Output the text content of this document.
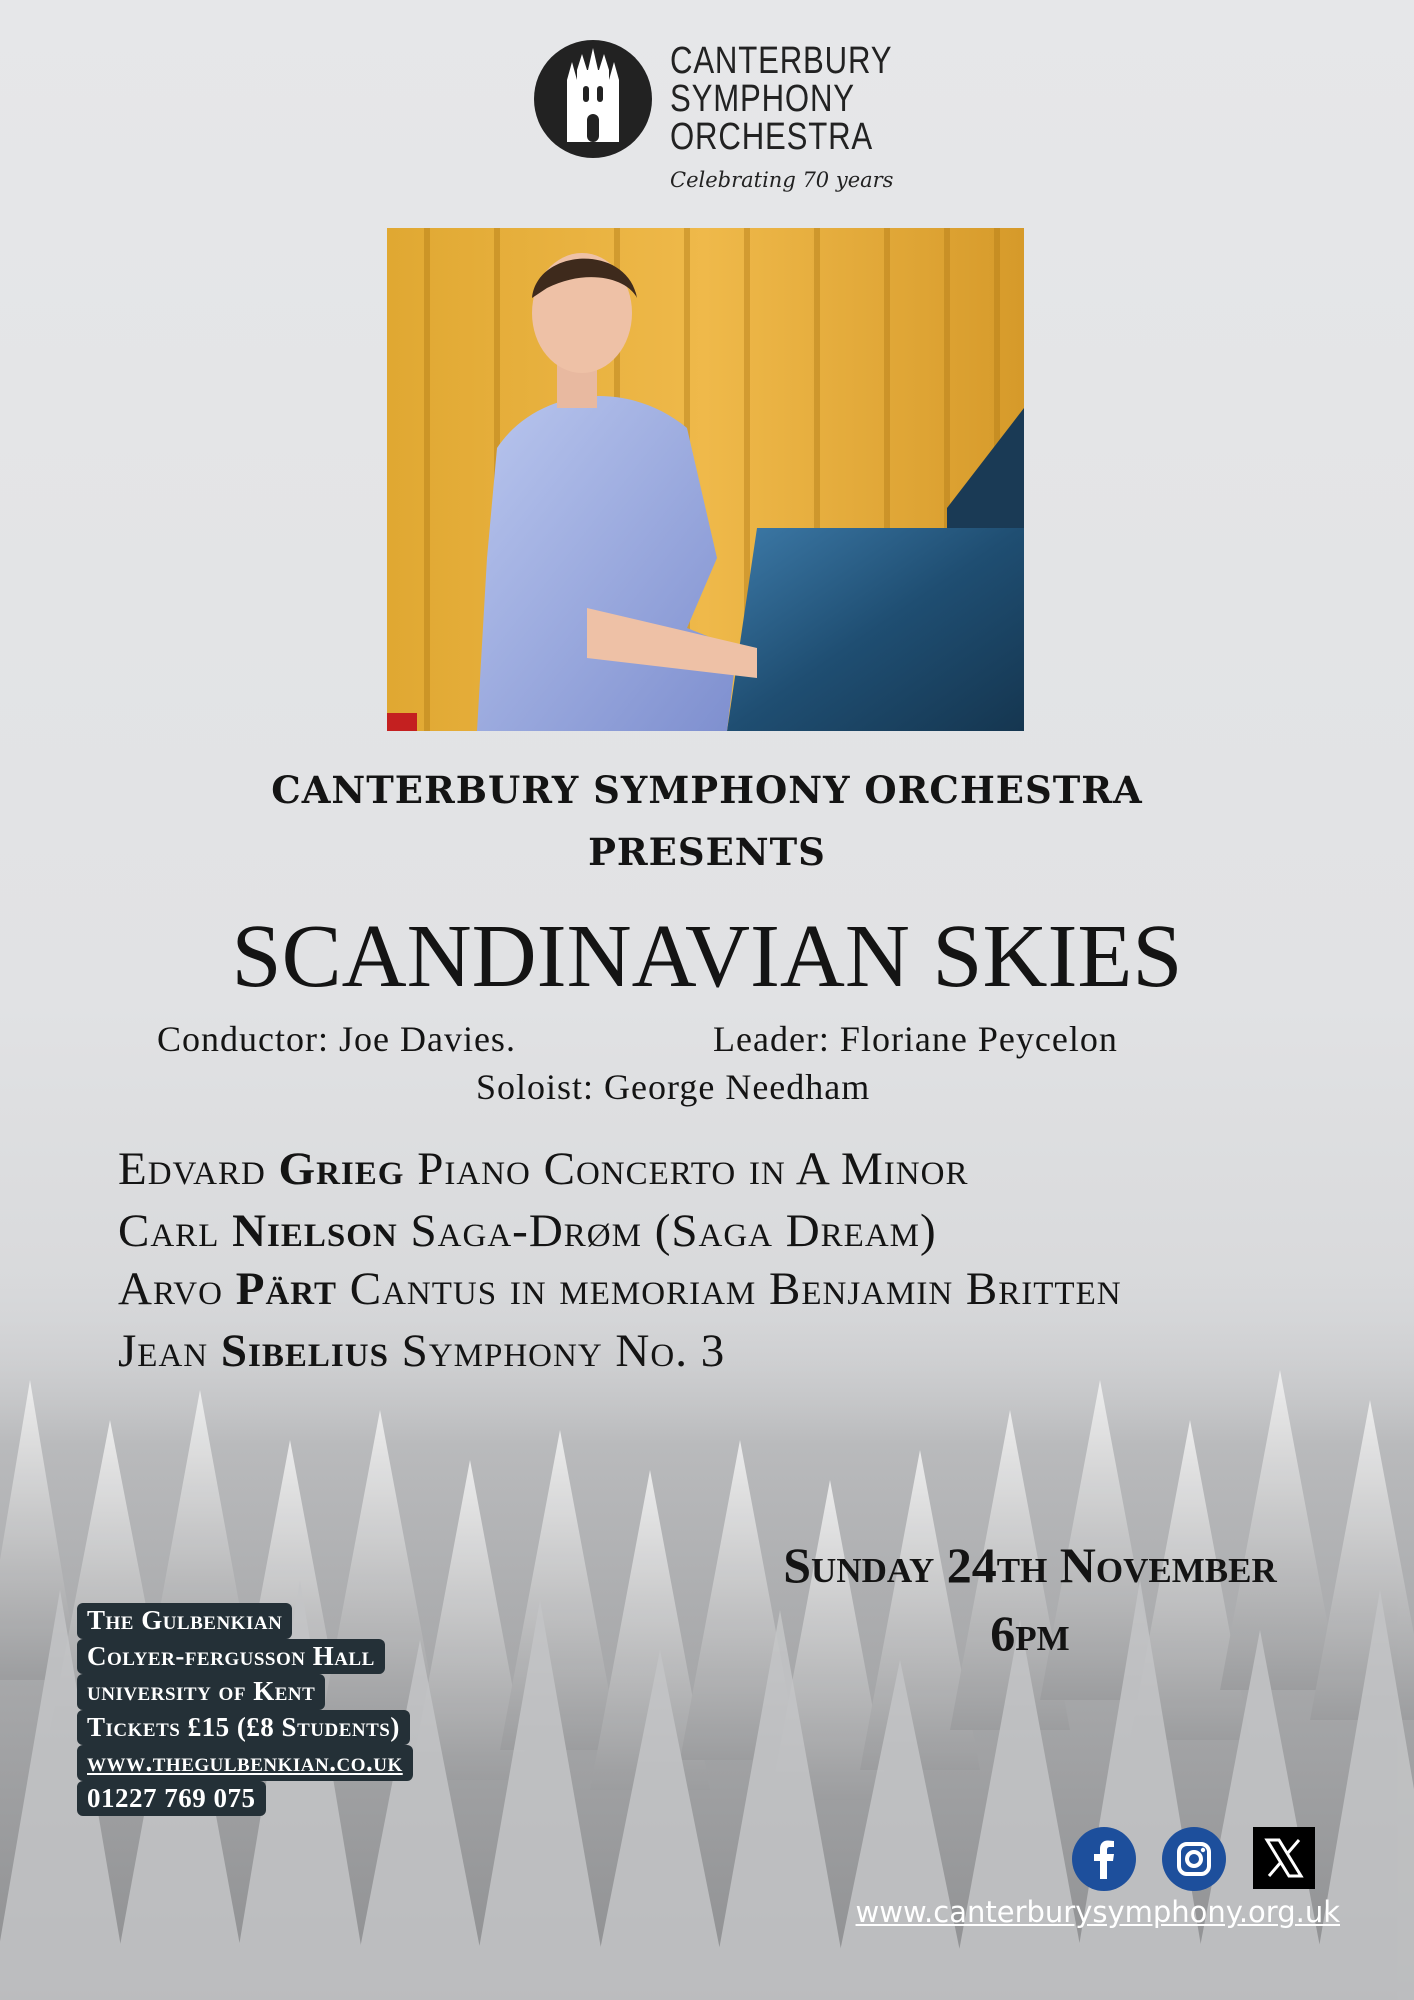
CANTERBURY
SYMPHONY
ORCHESTRA
Celebrating 70 years
CANTERBURY SYMPHONY ORCHESTRA
PRESENTS
SCANDINAVIAN SKIES
Conductor: Joe Davies.	Leader: Floriane Peycelon
Soloist: George Needham
Edvard Grieg Piano Concerto in A Minor
Carl Nielson Saga-Drøm (Saga Dream)
Arvo Pärt Cantus in memoriam Benjamin Britten
Jean Sibelius Symphony No. 3
Sunday 24th November
6pm
The Gulbenkian
Colyer-fergusson Hall
university of Kent
Tickets £15 (£8 Students)
www.thegulbenkian.co.uk
01227 769 075
www.canterburysymphony.org.uk
